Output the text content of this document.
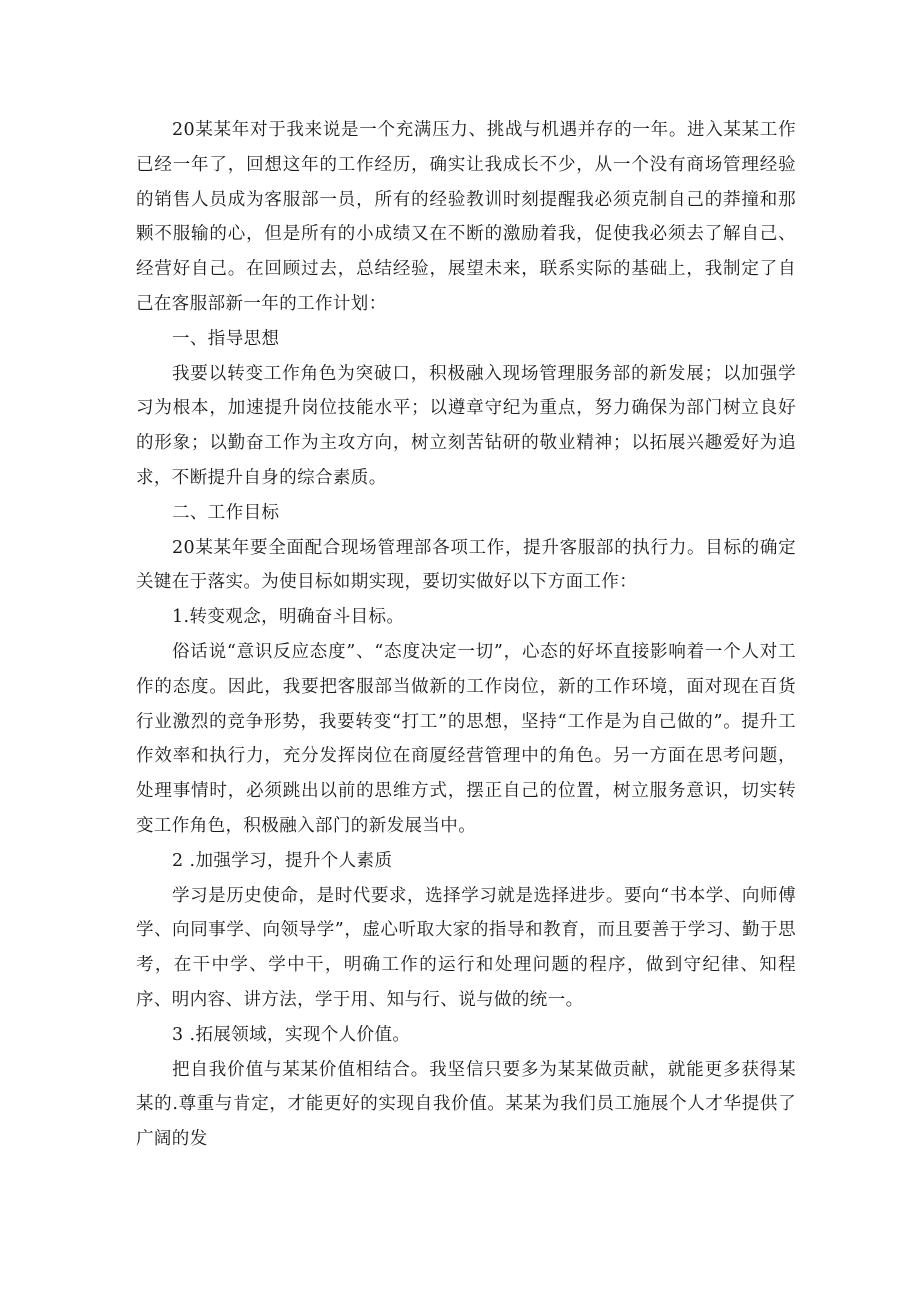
20某某年对于我来说是一个充满压力、挑战与机遇并存的一年。进入某某工作已经一年了，回想这年的工作经历，确实让我成长不少，从一个没有商场管理经验的销售人员成为客服部一员，所有的经验教训时刻提醒我必须克制自己的莽撞和那颗不服输的心，但是所有的小成绩又在不断的激励着我，促使我必须去了解自己、经营好自己。在回顾过去，总结经验，展望未来，联系实际的基础上，我制定了自己在客服部新一年的工作计划：

一、指导思想

我要以转变工作角色为突破口，积极融入现场管理服务部的新发展；以加强学习为根本，加速提升岗位技能水平；以遵章守纪为重点，努力确保为部门树立良好的形象；以勤奋工作为主攻方向，树立刻苦钻研的敬业精神；以拓展兴趣爱好为追求，不断提升自身的综合素质。

二、工作目标

20某某年要全面配合现场管理部各项工作，提升客服部的执行力。目标的确定关键在于落实。为使目标如期实现，要切实做好以下方面工作：

1.转变观念，明确奋斗目标。

俗话说“意识反应态度”、“态度决定一切”，心态的好坏直接影响着一个人对工作的态度。因此，我要把客服部当做新的工作岗位，新的工作环境，面对现在百货行业激烈的竞争形势，我要转变“打工”的思想，坚持“工作是为自己做的”。提升工作效率和执行力，充分发挥岗位在商厦经营管理中的角色。另一方面在思考问题，处理事情时，必须跳出以前的思维方式，摆正自己的位置，树立服务意识，切实转变工作角色，积极融入部门的新发展当中。

2 .加强学习，提升个人素质

学习是历史使命，是时代要求，选择学习就是选择进步。要向“书本学、向师傅学、向同事学、向领导学”，虚心听取大家的指导和教育，而且要善于学习、勤于思考，在干中学、学中干，明确工作的运行和处理问题的程序，做到守纪律、知程序、明内容、讲方法，学于用、知与行、说与做的统一。

3 .拓展领域，实现个人价值。

把自我价值与某某价值相结合。我坚信只要多为某某做贡献，就能更多获得某某的.尊重与肯定，才能更好的实现自我价值。某某为我们员工施展个人才华提供了广阔的发
